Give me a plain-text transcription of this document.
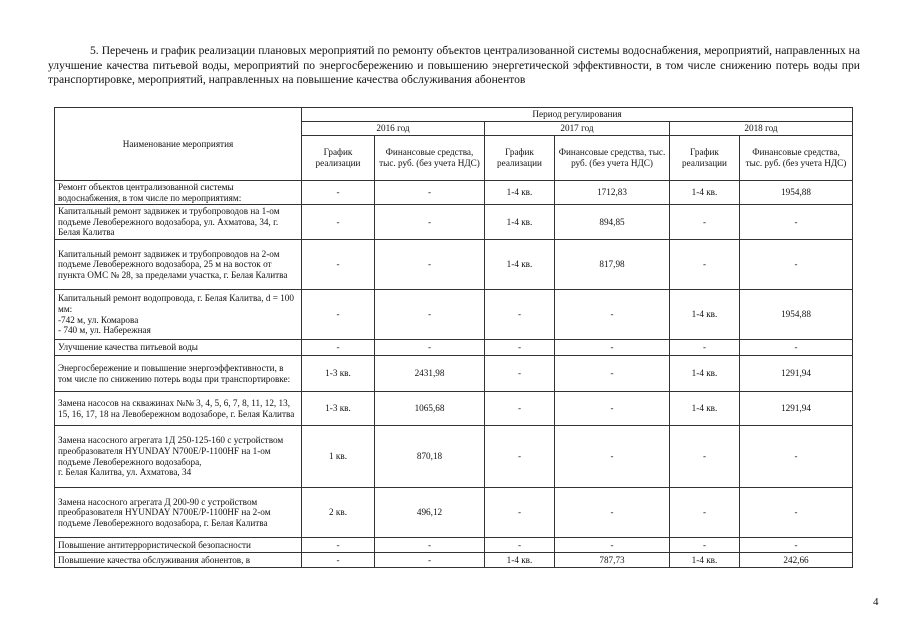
5. Перечень и график реализации плановых мероприятий по ремонту объектов централизованной системы водоснабжения, мероприятий, направленных на улучшение качества питьевой воды, мероприятий по энергосбережению и повышению энергетической эффективности, в том числе снижению потерь воды при транспортировке, мероприятий, направленных на повышение качества обслуживания абонентов

Наименование мероприятия	Период регулирования					
	2016 год		2017 год		2018 год	
	График реализации	Финансовые средства, тыс. руб. (без учета НДС)	График реализации	Финансовые средства, тыс. руб. (без учета НДС)	График реализации	Финансовые средства, тыс. руб. (без учета НДС)
Ремонт объектов централизованной системы водоснабжения, в том числе по мероприятиям:	-	-	1-4 кв.	1712,83	1-4 кв.	1954,88
Капитальный ремонт задвижек и трубопроводов на 1-ом подъеме Левобережного водозабора, ул. Ахматова, 34, г. Белая Калитва	-	-	1-4 кв.	894,85	-	-
Капитальный ремонт задвижек и трубопроводов на 2-ом подъеме Левобережного водозабора, 25 м на восток от пункта ОМС № 28, за пределами участка, г. Белая Калитва	-	-	1-4 кв.	817,98	-	-
Капитальный ремонт водопровода, г. Белая Калитва, d = 100 мм:
-742 м, ул. Комарова
- 740 м, ул. Набережная	-	-	-	-	1-4 кв.	1954,88
Улучшение качества питьевой воды	-	-	-	-	-	-
Энергосбережение и повышение энергоэффективности, в том числе по снижению потерь воды при транспортировке:	1-3 кв.	2431,98	-	-	1-4 кв.	1291,94
Замена насосов на скважинах №№ 3, 4, 5, 6, 7, 8, 11, 12, 13, 15, 16, 17, 18 на Левобережном водозаборе, г. Белая Калитва	1-3 кв.	1065,68	-	-	1-4 кв.	1291,94
Замена насосного агрегата 1Д 250-125-160 с устройством преобразователя HYUNDAY N700E/P-1100HF на 1-ом подъеме Левобережного водозабора,
г. Белая Калитва, ул. Ахматова, 34	1 кв.	870,18	-	-	-	-
Замена насосного агрегата Д 200-90 с устройством преобразователя HYUNDAY N700E/P-1100HF на 2-ом подъеме Левобережного водозабора, г. Белая Калитва	2 кв.	496,12	-	-	-	-
Повышение антитеррористической безопасности	-	-	-	-	-	-
Повышение качества обслуживания абонентов, в	-	-	1-4 кв.	787,73	1-4 кв.	242,66
4
